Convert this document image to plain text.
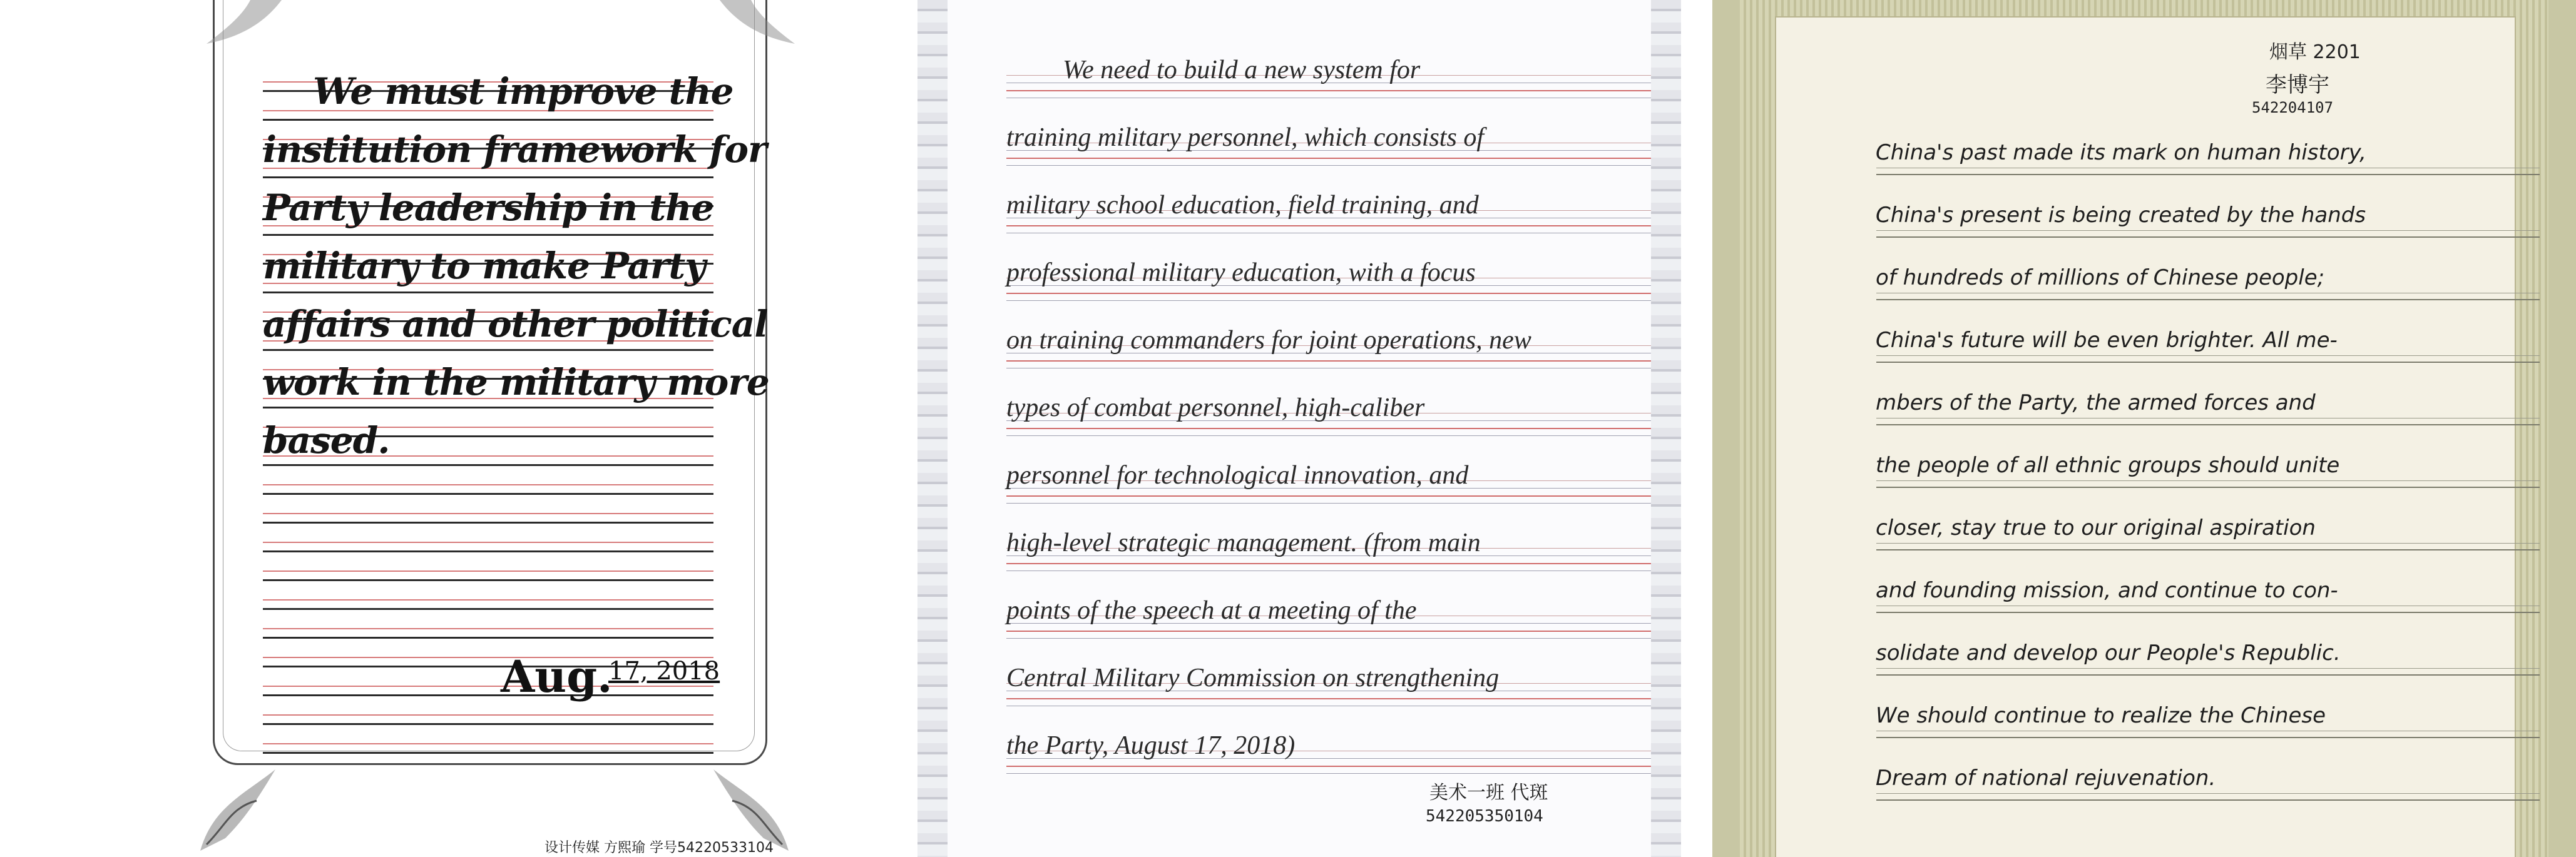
We must improve the
institution framework for
Party leadership in the
military to make Party
affairs and other political
work in the military more
based.
Aug.
17, 2018
设计传媒 方熙瑜 学号54220533104
We need to build a new system for
training military personnel, which consists of
military school education, field training, and
professional military education, with a focus
on training commanders for joint operations, new
types of combat personnel, high-caliber
personnel for technological innovation, and
high-level strategic management. (from main
points of the speech at a meeting of the
Central Military Commission on strengthening
the Party, August 17, 2018)
美术一班 代斑
542205350104
烟草 2201
李博宇
542204107
China's past made its mark on human history,
China's present is being created by the hands
of hundreds of millions of Chinese people;
China's future will be even brighter. All me-
mbers of the Party, the armed forces and
the people of all ethnic groups should unite
closer, stay true to our original aspiration
and founding mission, and continue to con-
solidate and develop our People's Republic.
We should continue to realize the Chinese
Dream of national rejuvenation.
